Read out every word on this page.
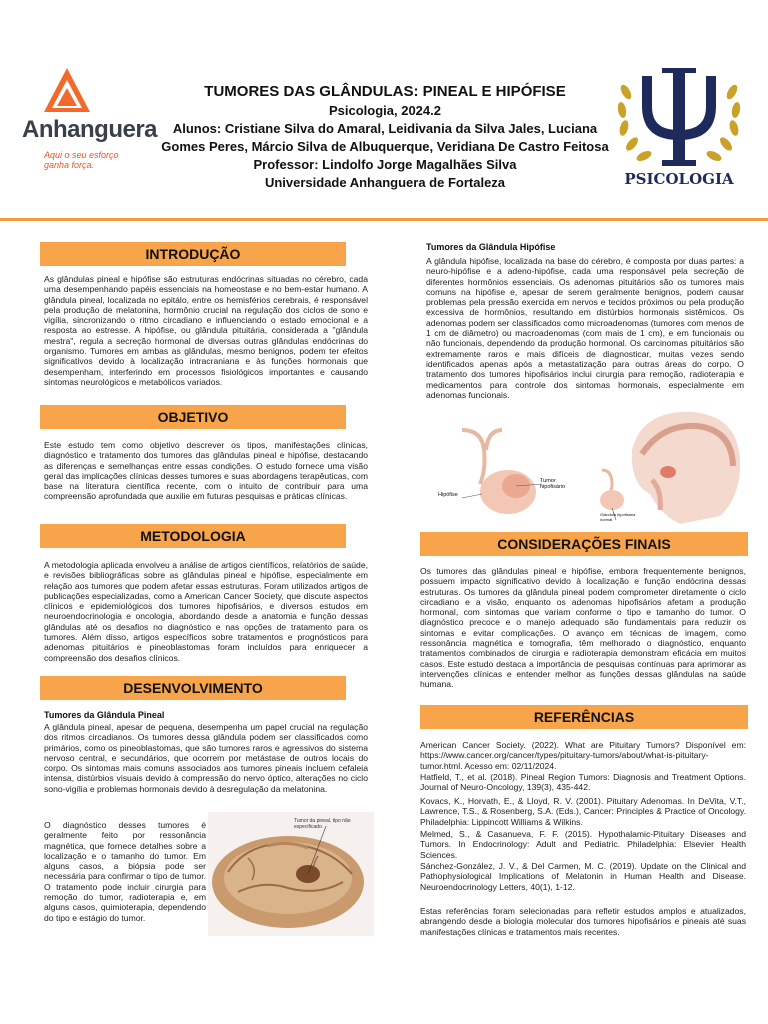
Anhanguera
Aqui o seu esforço ganha força.

TUMORES DAS GLÂNDULAS: PINEAL E HIPÓFISE

Psicologia, 2024.2

Alunos: Cristiane Silva do Amaral, Leidivania da Silva Jales, Luciana

Gomes Peres, Márcio Silva de Albuquerque, Veridiana De Castro Feitosa

Professor: Lindolfo Jorge Magalhães Silva

Universidade Anhanguera de Fortaleza	PSICOLOGIA
INTRODUÇÃO
As glândulas pineal e hipófise são estruturas endócrinas situadas no cérebro, cada uma desempenhando papéis essenciais na homeostase e no bem-estar humano. A glândula pineal, localizada no epitálo, entre os hemisférios cerebrais, é responsável pela produção de melatonina, hormônio crucial na regulação dos ciclos de sono e vigília, sincronizando o ritmo circadiano e influenciando o estado emocional e a resposta ao estresse. A hipófise, ou glândula pituitária, considerada a "glândula mestra", regula a secreção hormonal de diversas outras glândulas endócrinas do organismo. Tumores em ambas as glândulas, mesmo benignos, podem ter efeitos significativos devido à localização intracraniana e às funções hormonais que desempenham, interferindo em processos fisiológicos importantes e causando sintomas neurológicos e metabólicos variados.
OBJETIVO
Este estudo tem como objetivo descrever os tipos, manifestações clínicas, diagnóstico e tratamento dos tumores das glândulas pineal e hipófise, destacando as diferenças e semelhanças entre essas condições. O estudo fornece uma visão geral das implicações clínicas desses tumores e suas abordagens terapêuticas, com base na literatura científica recente, com o intuito de contribuir para uma compreensão aprofundada que auxilie em futuras pesquisas e práticas clínicas.
METODOLOGIA
A metodologia aplicada envolveu a análise de artigos científicos, relatórios de saúde, e revisões bibliográficas sobre as glândulas pineal e hipófise, especialmente em relação aos tumores que podem afetar essas estruturas. Foram utilizados artigos de publicações especializadas, como a American Cancer Society, que discute aspectos clínicos e epidemiológicos dos tumores hipofisários, e diversos estudos em neuroendocrinologia e oncologia, abordando desde a anatomia e função dessas glândulas até os desafios no diagnóstico e nas opções de tratamento para os tumores. Além disso, artigos específicos sobre tratamentos e prognósticos para adenomas pituitários e pineoblastomas foram incluídos para enriquecer a compreensão dos desafios clínicos.
DESENVOLVIMENTO
Tumores da Glândula Pineal
A glândula pineal, apesar de pequena, desempenha um papel crucial na regulação dos ritmos circadianos. Os tumores dessa glândula podem ser classificados como primários, como os pineoblastomas, que são tumores raros e agressivos do sistema nervoso central, e secundários, que ocorrem por metástase de outros locais do corpo. Os sintomas mais comuns associados aos tumores pineais incluem cefaleia intensa, distúrbios visuais devido à compressão do nervo óptico, alterações no ciclo sono-vigília e problemas hormonais devido à desregulação da melatonina.
O diagnóstico desses tumores é geralmente feito por ressonância magnética, que fornece detalhes sobre a localização e o tamanho do tumor. Em alguns casos, a biópsia pode ser necessária para confirmar o tipo de tumor. O tratamento pode incluir cirurgia para remoção do tumor, radioterapia e, em alguns casos, quimioterapia, dependendo do tipo e estágio do tumor.
Tumor da pineal, tipo não especificado.
Tumores da Glândula Hipófise
A glândula hipófise, localizada na base do cérebro, é composta por duas partes: a neuro-hipófise e a adeno-hipófise, cada uma responsável pela secreção de diferentes hormônios essenciais. Os adenomas pituitários são os tumores mais comuns na hipófise e, apesar de serem geralmente benignos, podem causar problemas pela pressão exercida em nervos e tecidos próximos ou pela produção excessiva de hormônios, resultando em distúrbios hormonais sistêmicos. Os adenomas podem ser classificados como microadenomas (tumores com menos de 1 cm de diâmetro) ou macroadenomas (com mais de 1 cm), e em funcionais ou não funcionais, dependendo da produção hormonal. Os carcinomas pituitários são extremamente raros e mais difíceis de diagnosticar, muitas vezes sendo identificados apenas após a metastatização para outras áreas do corpo. O tratamento dos tumores hipofisários inclui cirurgia para remoção, radioterapia e medicamentos para controle dos sintomas hormonais, especialmente em adenomas funcionais.
Hipófise
Tumor hipofisário
Glândula hipofisária normal
CONSIDERAÇÕES FINAIS
Os tumores das glândulas pineal e hipófise, embora frequentemente benignos, possuem impacto significativo devido à localização e função endócrina dessas estruturas. Os tumores da glândula pineal podem comprometer diretamente o ciclo circadiano e a visão, enquanto os adenomas hipofisários afetam a produção hormonal, com sintomas que variam conforme o tipo e tamanho do tumor. O diagnóstico precoce e o manejo adequado são fundamentais para reduzir os sintomas e evitar complicações. O avanço em técnicas de imagem, como ressonância magnética e tomografia, têm melhorado o diagnóstico, enquanto tratamentos combinados de cirurgia e radioterapia demonstram eficácia em muitos casos. Este estudo destaca a importância de pesquisas contínuas para aprimorar as intervenções clínicas e entender melhor as funções dessas glândulas na saúde humana.
REFERÊNCIAS
American Cancer Society. (2022). What are Pituitary Tumors? Disponível em: https://www.cancer.org/cancer/types/pituitary-tumors/about/what-is-pituitary-tumor.html. Acesso em: 02/11/2024.
Hatfield, T., et al. (2018). Pineal Region Tumors: Diagnosis and Treatment Options. Journal of Neuro-Oncology, 139(3), 435-442.
Kovacs, K., Horvath, E., & Lloyd, R. V. (2001). Pituitary Adenomas. In DeVita, V.T., Lawrence, T.S., & Rosenberg, S.A. (Eds.), Cancer: Principles & Practice of Oncology. Philadelphia: Lippincott Williams & Wilkins.
Melmed, S., & Casanueva, F. F. (2015). Hypothalamic-Pituitary Diseases and Tumors. In Endocrinology: Adult and Pediatric. Philadelphia: Elsevier Health Sciences.
Sánchez-González, J. V., & Del Carmen, M. C. (2019). Update on the Clinical and Pathophysiological Implications of Melatonin in Human Health and Disease. Neuroendocrinology Letters, 40(1), 1-12.
Estas referências foram selecionadas para refletir estudos amplos e atualizados, abrangendo desde a biologia molecular dos tumores hipofisários e pineais até suas manifestações clínicas e tratamentos mais recentes.
